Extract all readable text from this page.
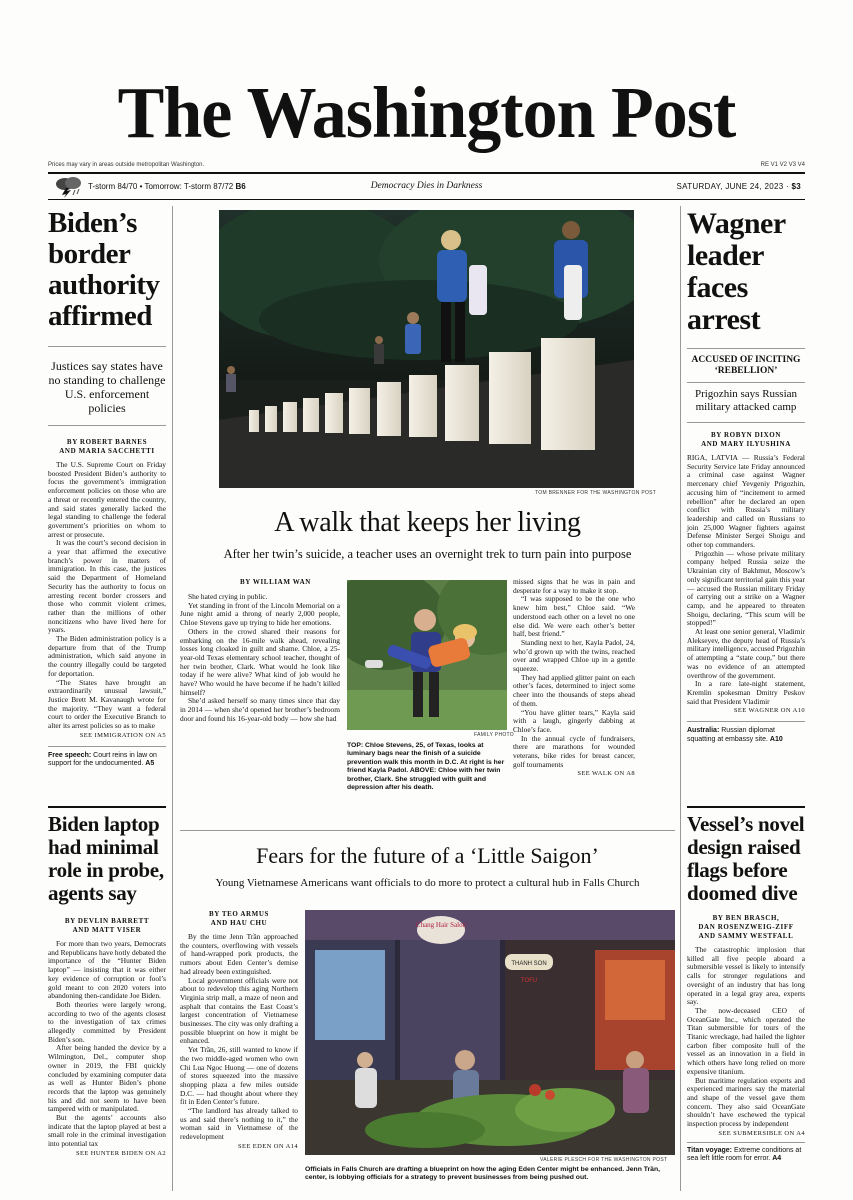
The Washington Post
Prices may vary in areas outside metropolitan Washington.	RE V1 V2 V3 V4
T-storm 84/70 • Tomorrow: T-storm 87/72 B6	Democracy Dies in Darkness	SATURDAY, JUNE 24, 2023 · $3
Biden’s border authority affirmed
Justices say states have no standing to challenge U.S. enforcement policies
BY ROBERT BARNES
AND MARIA SACCHETTI

The U.S. Supreme Court on Friday boosted President Biden’s authority to focus the government’s immigration enforcement policies on those who are a threat or recently entered the country, and said states generally lacked the legal standing to challenge the federal government’s priorities on whom to arrest or prosecute.

It was the court’s second decision in a year that affirmed the executive branch’s power in matters of immigration. In this case, the justices said the Department of Homeland Security has the authority to focus on arresting recent border crossers and those who commit violent crimes, rather than the millions of other noncitizens who have lived here for years.

The Biden administration policy is a departure from that of the Trump administration, which said anyone in the country illegally could be targeted for deportation.

“The States have brought an extraordinarily unusual lawsuit,” Justice Brett M. Kavanaugh wrote for the majority. “They want a federal court to order the Executive Branch to alter its arrest policies so as to make

SEE IMMIGRATION ON A5
Free speech: Court reins in law on support for the undocumented. A5
Biden laptop had minimal role in probe, agents say
BY DEVLIN BARRETT
AND MATT VISER

For more than two years, Democrats and Republicans have hotly debated the importance of the “Hunter Biden laptop” — insisting that it was either key evidence of corruption or fool’s gold meant to con 2020 voters into abandoning then-candidate Joe Biden.

Both theories were largely wrong, according to two of the agents closest to the investigation of tax crimes allegedly committed by President Biden’s son.

After being handed the device by a Wilmington, Del., computer shop owner in 2019, the FBI quickly concluded by examining computer data as well as Hunter Biden’s phone records that the laptop was genuinely his and did not seem to have been tampered with or manipulated.

But the agents’ accounts also indicate that the laptop played at best a small role in the criminal investigation into potential tax

SEE HUNTER BIDEN ON A2
TOM BRENNER FOR THE WASHINGTON POST
A walk that keeps her living
After her twin’s suicide, a teacher uses an overnight trek to turn pain into purpose
BY WILLIAM WAN

She hated crying in public.

Yet standing in front of the Lincoln Memorial on a June night amid a throng of nearly 2,000 people, Chloe Stevens gave up trying to hide her emotions.

Others in the crowd shared their reasons for embarking on the 16-mile walk ahead, revealing losses long cloaked in guilt and shame. Chloe, a 25-year-old Texas elementary school teacher, thought of her twin brother, Clark. What would he look like today if he were alive? What kind of job would he have? Who would he have become if he hadn’t killed himself?

She’d asked herself so many times since that day in 2014 — when she’d opened her brother’s bedroom door and found his 16-year-old body — how she had

FAMILY PHOTO
TOP: Chloe Stevens, 25, of Texas, looks at luminary bags near the finish of a suicide prevention walk this month in D.C. At right is her friend Kayla Padol. ABOVE: Chloe with her twin brother, Clark. She struggled with guilt and depression after his death.

missed signs that he was in pain and desperate for a way to make it stop.

“I was supposed to be the one who knew him best,” Chloe said. “We understood each other on a level no one else did. We were each other’s better half, best friend.”

Standing next to her, Kayla Padol, 24, who’d grown up with the twins, reached over and wrapped Chloe up in a gentle squeeze.

They had applied glitter paint on each other’s faces, determined to inject some cheer into the thousands of steps ahead of them.

“You have glitter tears,” Kayla said with a laugh, gingerly dabbing at Chloe’s face.

In the annual cycle of fundraisers, there are marathons for wounded veterans, bike rides for breast cancer, golf tournaments

SEE WALK ON A8
Fears for the future of a ‘Little Saigon’
Young Vietnamese Americans want officials to do more to protect a cultural hub in Falls Church
BY TEO ARMUS
AND HAU CHU

By the time Jenn Trần approached the counters, overflowing with vessels of hand-wrapped pork products, the rumors about Eden Center’s demise had already been extinguished.

Local government officials were not about to redevelop this aging Northern Virginia strip mall, a maze of neon and asphalt that contains the East Coast’s largest concentration of Vietnamese businesses. The city was only drafting a possible blueprint on how it might be enhanced.

Yet Trần, 26, still wanted to know if the two middle-aged women who own Chi Lua Ngoc Huong — one of dozens of stores squeezed into the massive shopping plaza a few miles outside D.C. — had thought about where they fit in Eden Center’s future.

“The landlord has already talked to us and said there’s nothing to it,” the woman said in Vietnamese of the redevelopment

SEE EDEN ON A14
Chang Hair Salon
THANH SON
TOFU
VALERIE PLESCH FOR THE WASHINGTON POST
Officials in Falls Church are drafting a blueprint on how the aging Eden Center might be enhanced. Jenn Trần, center, is lobbying officials for a strategy to prevent businesses from being pushed out.
Wagner leader faces arrest
ACCUSED OF INCITING ‘REBELLION’
Prigozhin says Russian military attacked camp
BY ROBYN DIXON
AND MARY ILYUSHINA

RIGA, LATVIA — Russia’s Federal Security Service late Friday announced a criminal case against Wagner mercenary chief Yevgeniy Prigozhin, accusing him of “incitement to armed rebellion” after he declared an open conflict with Russia’s military leadership and called on Russians to join 25,000 Wagner fighters against Defense Minister Sergei Shoigu and other top commanders.

Prigozhin — whose private military company helped Russia seize the Ukrainian city of Bakhmut, Moscow’s only significant territorial gain this year — accused the Russian military Friday of carrying out a strike on a Wagner camp, and he appeared to threaten Shoigu, declaring, “This scum will be stopped!”

At least one senior general, Vladimir Alekseyev, the deputy head of Russia’s military intelligence, accused Prigozhin of attempting a “state coup,” but there was no evidence of an attempted overthrow of the government.

In a rare late-night statement, Kremlin spokesman Dmitry Peskov said that President Vladimir

SEE WAGNER ON A10
Australia: Russian diplomat squatting at embassy site. A10
Vessel’s novel design raised flags before doomed dive
BY BEN BRASCH,
DAN ROSENZWEIG-ZIFF
AND SAMMY WESTFALL

The catastrophic implosion that killed all five people aboard a submersible vessel is likely to intensify calls for stronger regulations and oversight of an industry that has long operated in a legal gray area, experts say.

The now-deceased CEO of OceanGate Inc., which operated the Titan submersible for tours of the Titanic wreckage, had hailed the lighter carbon fiber composite hull of the vessel as an innovation in a field in which others have long relied on more expensive titanium.

But maritime regulation experts and experienced mariners say the material and shape of the vessel gave them concern. They also said OceanGate shouldn’t have eschewed the typical inspection process by independent

SEE SUBMERSIBLE ON A4
Titan voyage: Extreme conditions at sea left little room for error. A4
